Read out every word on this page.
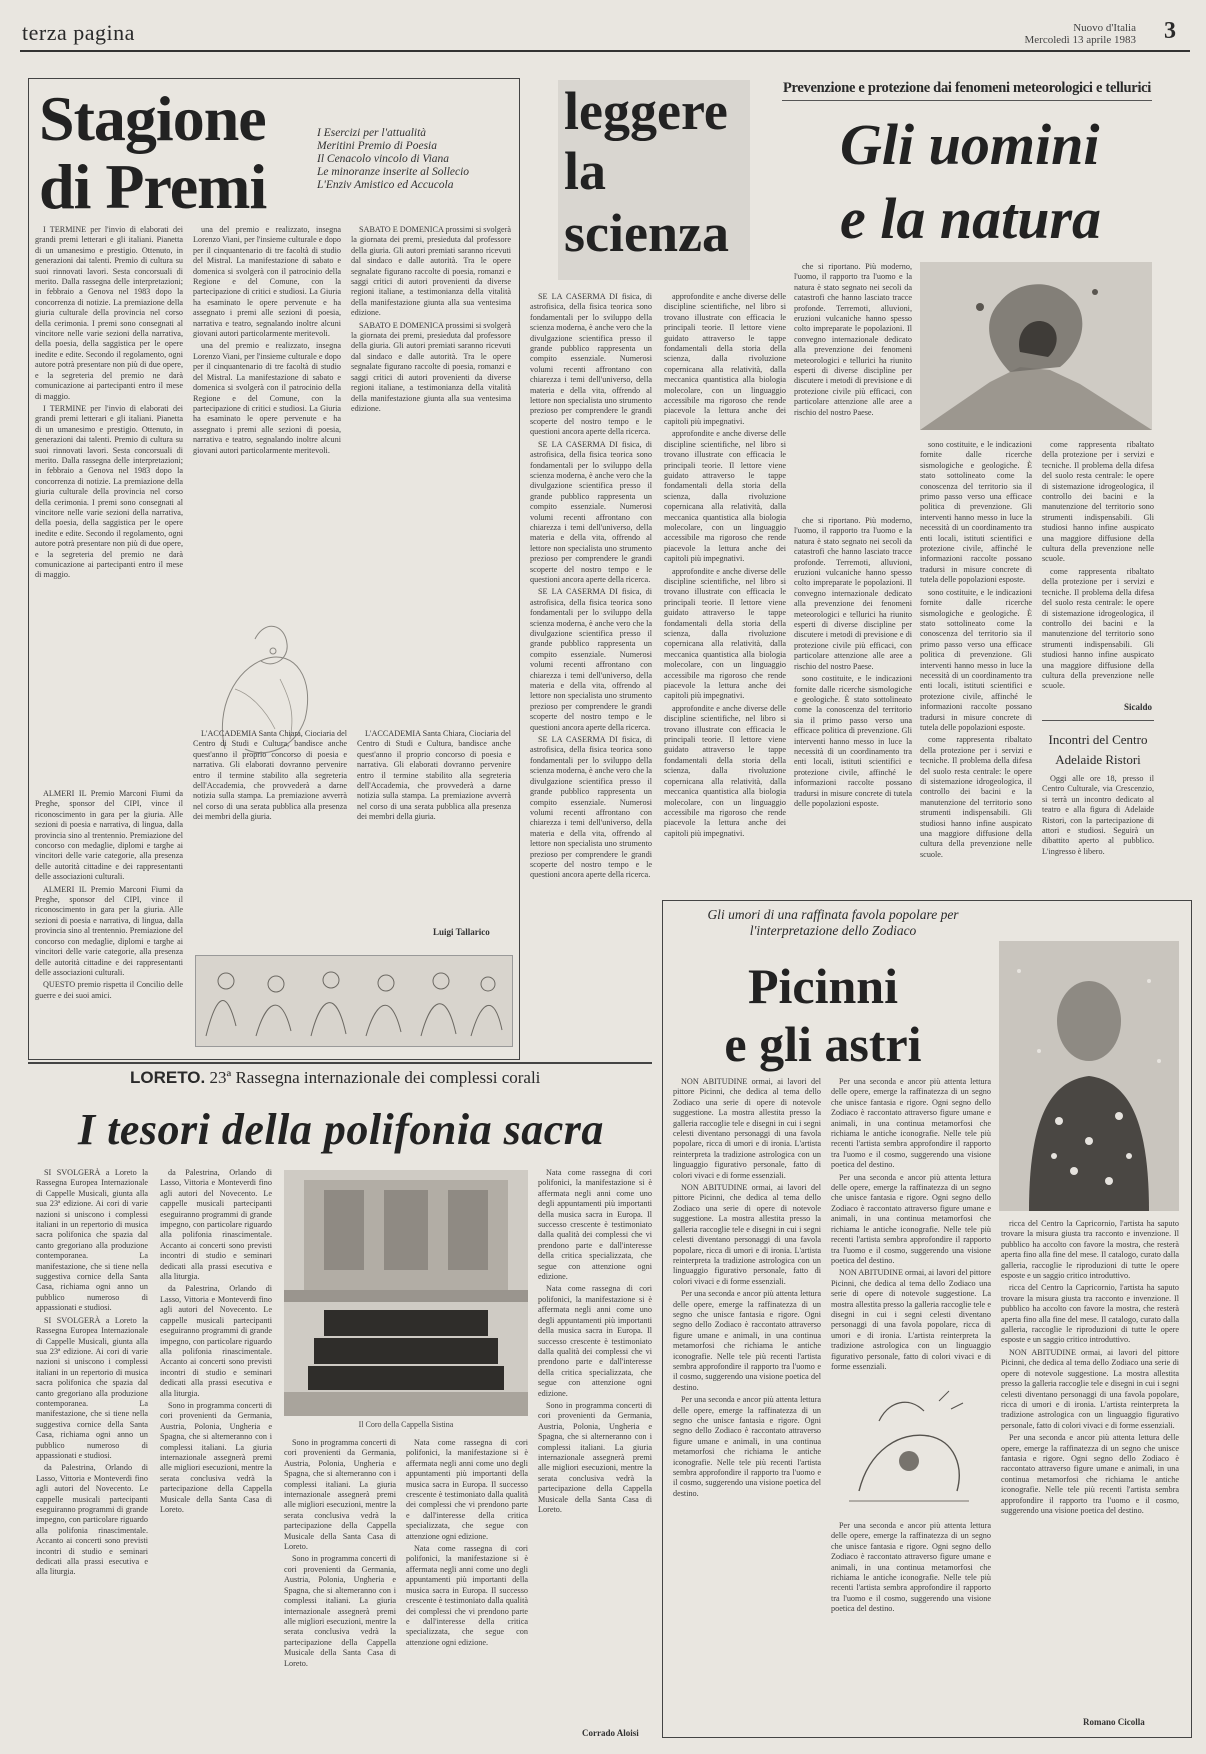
terza pagina	Nuovo d'Italia
Mercoledì 13 aprile 1983 3
Stagione
di Premi
I Esercizi per l'attualità
Meritini Premio di Poesia
Il Cenacolo vincolo di Viana
Le minoranze inserite al Sollecio
L'Enziv Amistico ed Accucola

I TERMINE per l'invio di elaborati dei grandi premi letterari e gli italiani. Pianetta di un umanesimo e prestigio. Ottenuto, in generazioni dai talenti. Premio di cultura su suoi rinnovati lavori. Sesta concorsuali di merito. Dalla rassegna delle interpretazioni; in febbraio a Genova nel 1983 dopo la concorrenza di notizie. La premiazione della giuria culturale della provincia nel corso della cerimonia. I premi sono consegnati al vincitore nelle varie sezioni della narrativa, della poesia, della saggistica per le opere inedite e edite. Secondo il regolamento, ogni autore potrà presentare non più di due opere, e la segreteria del premio ne darà comunicazione ai partecipanti entro il mese di maggio.

I TERMINE per l'invio di elaborati dei grandi premi letterari e gli italiani. Pianetta di un umanesimo e prestigio. Ottenuto, in generazioni dai talenti. Premio di cultura su suoi rinnovati lavori. Sesta concorsuali di merito. Dalla rassegna delle interpretazioni; in febbraio a Genova nel 1983 dopo la concorrenza di notizie. La premiazione della giuria culturale della provincia nel corso della cerimonia. I premi sono consegnati al vincitore nelle varie sezioni della narrativa, della poesia, della saggistica per le opere inedite e edite. Secondo il regolamento, ogni autore potrà presentare non più di due opere, e la segreteria del premio ne darà comunicazione ai partecipanti entro il mese di maggio.

ALMERI IL Premio Marconi Fiumi da Preghe, sponsor del CIPI, vince il riconoscimento in gara per la giuria. Alle sezioni di poesia e narrativa, di lingua, dalla provincia sino al trentennio. Premiazione del concorso con medaglie, diplomi e targhe ai vincitori delle varie categorie, alla presenza delle autorità cittadine e dei rappresentanti delle associazioni culturali.

ALMERI IL Premio Marconi Fiumi da Preghe, sponsor del CIPI, vince il riconoscimento in gara per la giuria. Alle sezioni di poesia e narrativa, di lingua, dalla provincia sino al trentennio. Premiazione del concorso con medaglie, diplomi e targhe ai vincitori delle varie categorie, alla presenza delle autorità cittadine e dei rappresentanti delle associazioni culturali.

QUESTO premio rispetta il Concilio delle guerre e dei suoi amici.

una del premio e realizzato, insegna Lorenzo Viani, per l'insieme culturale e dopo per il cinquantenario di tre facoltà di studio del Mistral. La manifestazione di sabato e domenica si svolgerà con il patrocinio della Regione e del Comune, con la partecipazione di critici e studiosi. La Giuria ha esaminato le opere pervenute e ha assegnato i premi alle sezioni di poesia, narrativa e teatro, segnalando inoltre alcuni giovani autori particolarmente meritevoli.

una del premio e realizzato, insegna Lorenzo Viani, per l'insieme culturale e dopo per il cinquantenario di tre facoltà di studio del Mistral. La manifestazione di sabato e domenica si svolgerà con il patrocinio della Regione e del Comune, con la partecipazione di critici e studiosi. La Giuria ha esaminato le opere pervenute e ha assegnato i premi alle sezioni di poesia, narrativa e teatro, segnalando inoltre alcuni giovani autori particolarmente meritevoli.

SABATO E DOMENICA prossimi si svolgerà la giornata dei premi, presieduta dal professore della giuria. Gli autori premiati saranno ricevuti dal sindaco e dalle autorità. Tra le opere segnalate figurano raccolte di poesia, romanzi e saggi critici di autori provenienti da diverse regioni italiane, a testimonianza della vitalità della manifestazione giunta alla sua ventesima edizione.

SABATO E DOMENICA prossimi si svolgerà la giornata dei premi, presieduta dal professore della giuria. Gli autori premiati saranno ricevuti dal sindaco e dalle autorità. Tra le opere segnalate figurano raccolte di poesia, romanzi e saggi critici di autori provenienti da diverse regioni italiane, a testimonianza della vitalità della manifestazione giunta alla sua ventesima edizione.

L'ACCADEMIA Santa Chiara, Ciociaria del Centro di Studi e Cultura, bandisce anche quest'anno il proprio concorso di poesia e narrativa. Gli elaborati dovranno pervenire entro il termine stabilito alla segreteria dell'Accademia, che provvederà a darne notizia sulla stampa. La premiazione avverrà nel corso di una serata pubblica alla presenza dei membri della giuria.

L'ACCADEMIA Santa Chiara, Ciociaria del Centro di Studi e Cultura, bandisce anche quest'anno il proprio concorso di poesia e narrativa. Gli elaborati dovranno pervenire entro il termine stabilito alla segreteria dell'Accademia, che provvederà a darne notizia sulla stampa. La premiazione avverrà nel corso di una serata pubblica alla presenza dei membri della giuria.

Luigi Tallarico
leggere
la
scienza

SE LA CASERMA DI fisica, di astrofisica, della fisica teorica sono fondamentali per lo sviluppo della scienza moderna, è anche vero che la divulgazione scientifica presso il grande pubblico rappresenta un compito essenziale. Numerosi volumi recenti affrontano con chiarezza i temi dell'universo, della materia e della vita, offrendo al lettore non specialista uno strumento prezioso per comprendere le grandi scoperte del nostro tempo e le questioni ancora aperte della ricerca.

SE LA CASERMA DI fisica, di astrofisica, della fisica teorica sono fondamentali per lo sviluppo della scienza moderna, è anche vero che la divulgazione scientifica presso il grande pubblico rappresenta un compito essenziale. Numerosi volumi recenti affrontano con chiarezza i temi dell'universo, della materia e della vita, offrendo al lettore non specialista uno strumento prezioso per comprendere le grandi scoperte del nostro tempo e le questioni ancora aperte della ricerca.

SE LA CASERMA DI fisica, di astrofisica, della fisica teorica sono fondamentali per lo sviluppo della scienza moderna, è anche vero che la divulgazione scientifica presso il grande pubblico rappresenta un compito essenziale. Numerosi volumi recenti affrontano con chiarezza i temi dell'universo, della materia e della vita, offrendo al lettore non specialista uno strumento prezioso per comprendere le grandi scoperte del nostro tempo e le questioni ancora aperte della ricerca.

SE LA CASERMA DI fisica, di astrofisica, della fisica teorica sono fondamentali per lo sviluppo della scienza moderna, è anche vero che la divulgazione scientifica presso il grande pubblico rappresenta un compito essenziale. Numerosi volumi recenti affrontano con chiarezza i temi dell'universo, della materia e della vita, offrendo al lettore non specialista uno strumento prezioso per comprendere le grandi scoperte del nostro tempo e le questioni ancora aperte della ricerca.

approfondite e anche diverse delle discipline scientifiche, nel libro si trovano illustrate con efficacia le principali teorie. Il lettore viene guidato attraverso le tappe fondamentali della storia della scienza, dalla rivoluzione copernicana alla relatività, dalla meccanica quantistica alla biologia molecolare, con un linguaggio accessibile ma rigoroso che rende piacevole la lettura anche dei capitoli più impegnativi.

approfondite e anche diverse delle discipline scientifiche, nel libro si trovano illustrate con efficacia le principali teorie. Il lettore viene guidato attraverso le tappe fondamentali della storia della scienza, dalla rivoluzione copernicana alla relatività, dalla meccanica quantistica alla biologia molecolare, con un linguaggio accessibile ma rigoroso che rende piacevole la lettura anche dei capitoli più impegnativi.

approfondite e anche diverse delle discipline scientifiche, nel libro si trovano illustrate con efficacia le principali teorie. Il lettore viene guidato attraverso le tappe fondamentali della storia della scienza, dalla rivoluzione copernicana alla relatività, dalla meccanica quantistica alla biologia molecolare, con un linguaggio accessibile ma rigoroso che rende piacevole la lettura anche dei capitoli più impegnativi.

approfondite e anche diverse delle discipline scientifiche, nel libro si trovano illustrate con efficacia le principali teorie. Il lettore viene guidato attraverso le tappe fondamentali della storia della scienza, dalla rivoluzione copernicana alla relatività, dalla meccanica quantistica alla biologia molecolare, con un linguaggio accessibile ma rigoroso che rende piacevole la lettura anche dei capitoli più impegnativi.

Prevenzione e protezione dai fenomeni meteorologici e tellurici
Gli uomini
e la natura

che si riportano. Più moderno, l'uomo, il rapporto tra l'uomo e la natura è stato segnato nei secoli da catastrofi che hanno lasciato tracce profonde. Terremoti, alluvioni, eruzioni vulcaniche hanno spesso colto impreparate le popolazioni. Il convegno internazionale dedicato alla prevenzione dei fenomeni meteorologici e tellurici ha riunito esperti di diverse discipline per discutere i metodi di previsione e di protezione civile più efficaci, con particolare attenzione alle aree a rischio del nostro Paese.

che si riportano. Più moderno, l'uomo, il rapporto tra l'uomo e la natura è stato segnato nei secoli da catastrofi che hanno lasciato tracce profonde. Terremoti, alluvioni, eruzioni vulcaniche hanno spesso colto impreparate le popolazioni. Il convegno internazionale dedicato alla prevenzione dei fenomeni meteorologici e tellurici ha riunito esperti di diverse discipline per discutere i metodi di previsione e di protezione civile più efficaci, con particolare attenzione alle aree a rischio del nostro Paese.

sono costituite, e le indicazioni fornite dalle ricerche sismologiche e geologiche. È stato sottolineato come la conoscenza del territorio sia il primo passo verso una efficace politica di prevenzione. Gli interventi hanno messo in luce la necessità di un coordinamento tra enti locali, istituti scientifici e protezione civile, affinché le informazioni raccolte possano tradursi in misure concrete di tutela delle popolazioni esposte.

sono costituite, e le indicazioni fornite dalle ricerche sismologiche e geologiche. È stato sottolineato come la conoscenza del territorio sia il primo passo verso una efficace politica di prevenzione. Gli interventi hanno messo in luce la necessità di un coordinamento tra enti locali, istituti scientifici e protezione civile, affinché le informazioni raccolte possano tradursi in misure concrete di tutela delle popolazioni esposte.

sono costituite, e le indicazioni fornite dalle ricerche sismologiche e geologiche. È stato sottolineato come la conoscenza del territorio sia il primo passo verso una efficace politica di prevenzione. Gli interventi hanno messo in luce la necessità di un coordinamento tra enti locali, istituti scientifici e protezione civile, affinché le informazioni raccolte possano tradursi in misure concrete di tutela delle popolazioni esposte.

come rappresenta ribaltato della protezione per i servizi e tecniche. Il problema della difesa del suolo resta centrale: le opere di sistemazione idrogeologica, il controllo dei bacini e la manutenzione del territorio sono strumenti indispensabili. Gli studiosi hanno infine auspicato una maggiore diffusione della cultura della prevenzione nelle scuole.

come rappresenta ribaltato della protezione per i servizi e tecniche. Il problema della difesa del suolo resta centrale: le opere di sistemazione idrogeologica, il controllo dei bacini e la manutenzione del territorio sono strumenti indispensabili. Gli studiosi hanno infine auspicato una maggiore diffusione della cultura della prevenzione nelle scuole.

come rappresenta ribaltato della protezione per i servizi e tecniche. Il problema della difesa del suolo resta centrale: le opere di sistemazione idrogeologica, il controllo dei bacini e la manutenzione del territorio sono strumenti indispensabili. Gli studiosi hanno infine auspicato una maggiore diffusione della cultura della prevenzione nelle scuole.

Sicaldo
Incontri del Centro
Adelaide Ristori

Oggi alle ore 18, presso il Centro Culturale, via Crescenzio, si terrà un incontro dedicato al teatro e alla figura di Adelaide Ristori, con la partecipazione di attori e studiosi. Seguirà un dibattito aperto al pubblico. L'ingresso è libero.

Gli umori di una raffinata favola popolare per l'interpretazione dello Zodiaco
Picinni
e gli astri

NON ABITUDINE ormai, ai lavori del pittore Picinni, che dedica al tema dello Zodiaco una serie di opere di notevole suggestione. La mostra allestita presso la galleria raccoglie tele e disegni in cui i segni celesti diventano personaggi di una favola popolare, ricca di umori e di ironia. L'artista reinterpreta la tradizione astrologica con un linguaggio figurativo personale, fatto di colori vivaci e di forme essenziali.

NON ABITUDINE ormai, ai lavori del pittore Picinni, che dedica al tema dello Zodiaco una serie di opere di notevole suggestione. La mostra allestita presso la galleria raccoglie tele e disegni in cui i segni celesti diventano personaggi di una favola popolare, ricca di umori e di ironia. L'artista reinterpreta la tradizione astrologica con un linguaggio figurativo personale, fatto di colori vivaci e di forme essenziali.

Per una seconda e ancor più attenta lettura delle opere, emerge la raffinatezza di un segno che unisce fantasia e rigore. Ogni segno dello Zodiaco è raccontato attraverso figure umane e animali, in una continua metamorfosi che richiama le antiche iconografie. Nelle tele più recenti l'artista sembra approfondire il rapporto tra l'uomo e il cosmo, suggerendo una visione poetica del destino.

Per una seconda e ancor più attenta lettura delle opere, emerge la raffinatezza di un segno che unisce fantasia e rigore. Ogni segno dello Zodiaco è raccontato attraverso figure umane e animali, in una continua metamorfosi che richiama le antiche iconografie. Nelle tele più recenti l'artista sembra approfondire il rapporto tra l'uomo e il cosmo, suggerendo una visione poetica del destino.

Per una seconda e ancor più attenta lettura delle opere, emerge la raffinatezza di un segno che unisce fantasia e rigore. Ogni segno dello Zodiaco è raccontato attraverso figure umane e animali, in una continua metamorfosi che richiama le antiche iconografie. Nelle tele più recenti l'artista sembra approfondire il rapporto tra l'uomo e il cosmo, suggerendo una visione poetica del destino.

Per una seconda e ancor più attenta lettura delle opere, emerge la raffinatezza di un segno che unisce fantasia e rigore. Ogni segno dello Zodiaco è raccontato attraverso figure umane e animali, in una continua metamorfosi che richiama le antiche iconografie. Nelle tele più recenti l'artista sembra approfondire il rapporto tra l'uomo e il cosmo, suggerendo una visione poetica del destino.

NON ABITUDINE ormai, ai lavori del pittore Picinni, che dedica al tema dello Zodiaco una serie di opere di notevole suggestione. La mostra allestita presso la galleria raccoglie tele e disegni in cui i segni celesti diventano personaggi di una favola popolare, ricca di umori e di ironia. L'artista reinterpreta la tradizione astrologica con un linguaggio figurativo personale, fatto di colori vivaci e di forme essenziali.

Per una seconda e ancor più attenta lettura delle opere, emerge la raffinatezza di un segno che unisce fantasia e rigore. Ogni segno dello Zodiaco è raccontato attraverso figure umane e animali, in una continua metamorfosi che richiama le antiche iconografie. Nelle tele più recenti l'artista sembra approfondire il rapporto tra l'uomo e il cosmo, suggerendo una visione poetica del destino.

ricca del Centro la Capricornio, l'artista ha saputo trovare la misura giusta tra racconto e invenzione. Il pubblico ha accolto con favore la mostra, che resterà aperta fino alla fine del mese. Il catalogo, curato dalla galleria, raccoglie le riproduzioni di tutte le opere esposte e un saggio critico introduttivo.

ricca del Centro la Capricornio, l'artista ha saputo trovare la misura giusta tra racconto e invenzione. Il pubblico ha accolto con favore la mostra, che resterà aperta fino alla fine del mese. Il catalogo, curato dalla galleria, raccoglie le riproduzioni di tutte le opere esposte e un saggio critico introduttivo.

NON ABITUDINE ormai, ai lavori del pittore Picinni, che dedica al tema dello Zodiaco una serie di opere di notevole suggestione. La mostra allestita presso la galleria raccoglie tele e disegni in cui i segni celesti diventano personaggi di una favola popolare, ricca di umori e di ironia. L'artista reinterpreta la tradizione astrologica con un linguaggio figurativo personale, fatto di colori vivaci e di forme essenziali.

Per una seconda e ancor più attenta lettura delle opere, emerge la raffinatezza di un segno che unisce fantasia e rigore. Ogni segno dello Zodiaco è raccontato attraverso figure umane e animali, in una continua metamorfosi che richiama le antiche iconografie. Nelle tele più recenti l'artista sembra approfondire il rapporto tra l'uomo e il cosmo, suggerendo una visione poetica del destino.

Romano Cicolla
LORETO. 23ª Rassegna internazionale dei complessi corali
I tesori della polifonia sacra

SI SVOLGERÀ a Loreto la Rassegna Europea Internazionale di Cappelle Musicali, giunta alla sua 23ª edizione. Ai cori di varie nazioni si uniscono i complessi italiani in un repertorio di musica sacra polifonica che spazia dal canto gregoriano alla produzione contemporanea. La manifestazione, che si tiene nella suggestiva cornice della Santa Casa, richiama ogni anno un pubblico numeroso di appassionati e studiosi.

SI SVOLGERÀ a Loreto la Rassegna Europea Internazionale di Cappelle Musicali, giunta alla sua 23ª edizione. Ai cori di varie nazioni si uniscono i complessi italiani in un repertorio di musica sacra polifonica che spazia dal canto gregoriano alla produzione contemporanea. La manifestazione, che si tiene nella suggestiva cornice della Santa Casa, richiama ogni anno un pubblico numeroso di appassionati e studiosi.

da Palestrina, Orlando di Lasso, Vittoria e Monteverdi fino agli autori del Novecento. Le cappelle musicali partecipanti eseguiranno programmi di grande impegno, con particolare riguardo alla polifonia rinascimentale. Accanto ai concerti sono previsti incontri di studio e seminari dedicati alla prassi esecutiva e alla liturgia.

da Palestrina, Orlando di Lasso, Vittoria e Monteverdi fino agli autori del Novecento. Le cappelle musicali partecipanti eseguiranno programmi di grande impegno, con particolare riguardo alla polifonia rinascimentale. Accanto ai concerti sono previsti incontri di studio e seminari dedicati alla prassi esecutiva e alla liturgia.

da Palestrina, Orlando di Lasso, Vittoria e Monteverdi fino agli autori del Novecento. Le cappelle musicali partecipanti eseguiranno programmi di grande impegno, con particolare riguardo alla polifonia rinascimentale. Accanto ai concerti sono previsti incontri di studio e seminari dedicati alla prassi esecutiva e alla liturgia.

Sono in programma concerti di cori provenienti da Germania, Austria, Polonia, Ungheria e Spagna, che si alterneranno con i complessi italiani. La giuria internazionale assegnerà premi alle migliori esecuzioni, mentre la serata conclusiva vedrà la partecipazione della Cappella Musicale della Santa Casa di Loreto.

Il Coro della Cappella Sistina

Sono in programma concerti di cori provenienti da Germania, Austria, Polonia, Ungheria e Spagna, che si alterneranno con i complessi italiani. La giuria internazionale assegnerà premi alle migliori esecuzioni, mentre la serata conclusiva vedrà la partecipazione della Cappella Musicale della Santa Casa di Loreto.

Sono in programma concerti di cori provenienti da Germania, Austria, Polonia, Ungheria e Spagna, che si alterneranno con i complessi italiani. La giuria internazionale assegnerà premi alle migliori esecuzioni, mentre la serata conclusiva vedrà la partecipazione della Cappella Musicale della Santa Casa di Loreto.

Nata come rassegna di cori polifonici, la manifestazione si è affermata negli anni come uno degli appuntamenti più importanti della musica sacra in Europa. Il successo crescente è testimoniato dalla qualità dei complessi che vi prendono parte e dall'interesse della critica specializzata, che segue con attenzione ogni edizione.

Nata come rassegna di cori polifonici, la manifestazione si è affermata negli anni come uno degli appuntamenti più importanti della musica sacra in Europa. Il successo crescente è testimoniato dalla qualità dei complessi che vi prendono parte e dall'interesse della critica specializzata, che segue con attenzione ogni edizione.

Nata come rassegna di cori polifonici, la manifestazione si è affermata negli anni come uno degli appuntamenti più importanti della musica sacra in Europa. Il successo crescente è testimoniato dalla qualità dei complessi che vi prendono parte e dall'interesse della critica specializzata, che segue con attenzione ogni edizione.

Nata come rassegna di cori polifonici, la manifestazione si è affermata negli anni come uno degli appuntamenti più importanti della musica sacra in Europa. Il successo crescente è testimoniato dalla qualità dei complessi che vi prendono parte e dall'interesse della critica specializzata, che segue con attenzione ogni edizione.

Sono in programma concerti di cori provenienti da Germania, Austria, Polonia, Ungheria e Spagna, che si alterneranno con i complessi italiani. La giuria internazionale assegnerà premi alle migliori esecuzioni, mentre la serata conclusiva vedrà la partecipazione della Cappella Musicale della Santa Casa di Loreto.

Corrado Aloisi
